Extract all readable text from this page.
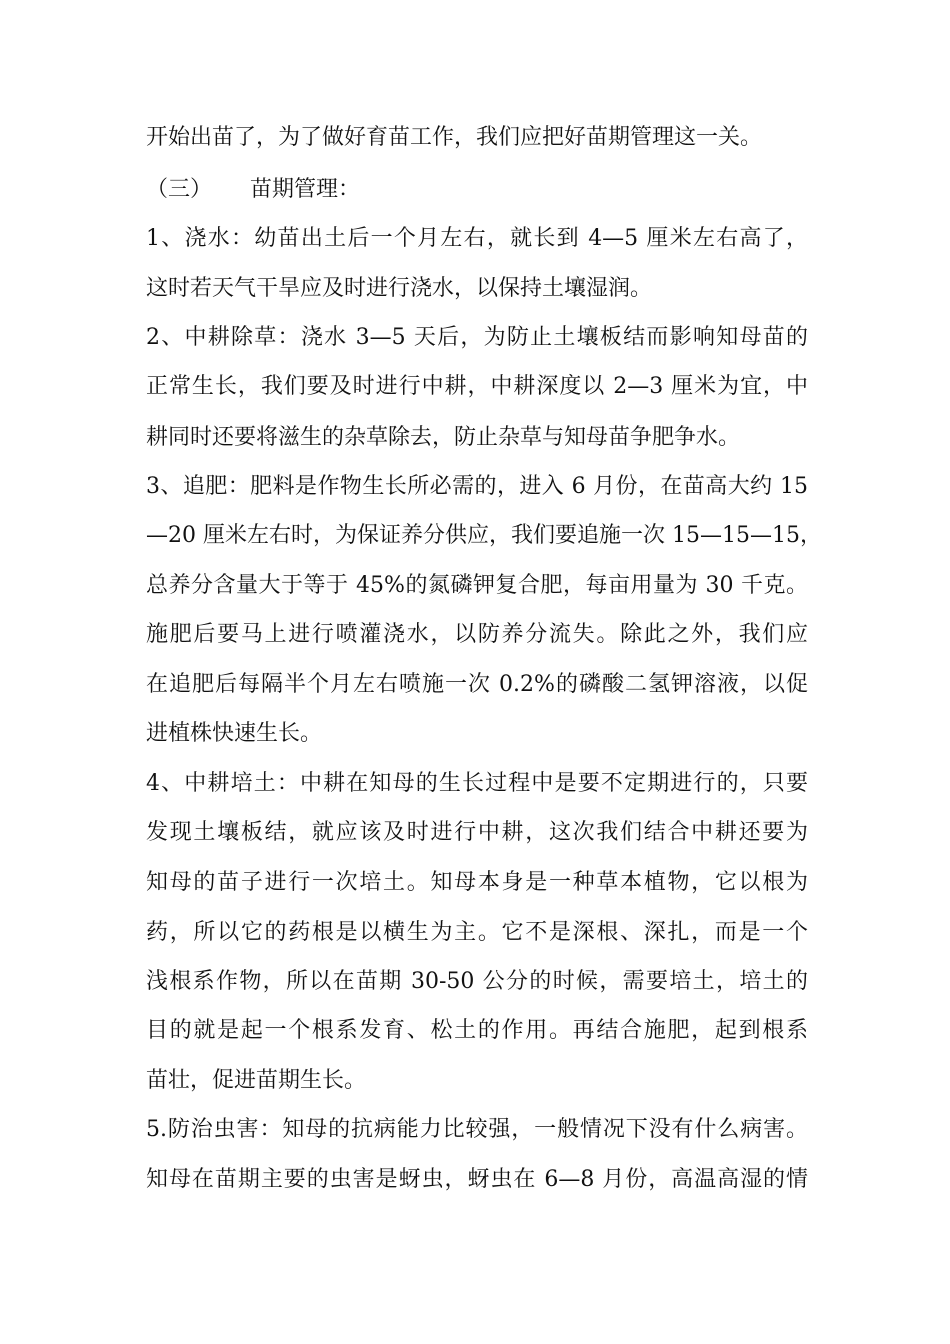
开始出苗了，为了做好育苗工作，我们应把好苗期管理这一关。
（三） 苗期管理：
1、浇水：幼苗出土后一个月左右，就长到 4—5 厘米左右高了，
这时若天气干旱应及时进行浇水，以保持土壤湿润。
2、中耕除草：浇水 3—5 天后，为防止土壤板结而影响知母苗的
正常生长，我们要及时进行中耕，中耕深度以 2—3 厘米为宜，中
耕同时还要将滋生的杂草除去，防止杂草与知母苗争肥争水。
3、追肥：肥料是作物生长所必需的，进入 6 月份，在苗高大约 15
—20 厘米左右时，为保证养分供应，我们要追施一次 15—15—15，
总养分含量大于等于 45%的氮磷钾复合肥，每亩用量为 30 千克。
施肥后要马上进行喷灌浇水，以防养分流失。除此之外，我们应
在追肥后每隔半个月左右喷施一次 0.2%的磷酸二氢钾溶液，以促
进植株快速生长。
4、中耕培土：中耕在知母的生长过程中是要不定期进行的，只要
发现土壤板结，就应该及时进行中耕，这次我们结合中耕还要为
知母的苗子进行一次培土。知母本身是一种草本植物，它以根为
药，所以它的药根是以横生为主。它不是深根、深扎，而是一个
浅根系作物，所以在苗期 30-50 公分的时候，需要培土，培土的
目的就是起一个根系发育、松土的作用。再结合施肥，起到根系
苗壮，促进苗期生长。
5.防治虫害：知母的抗病能力比较强，一般情况下没有什么病害。
知母在苗期主要的虫害是蚜虫，蚜虫在 6—8 月份，高温高湿的情
